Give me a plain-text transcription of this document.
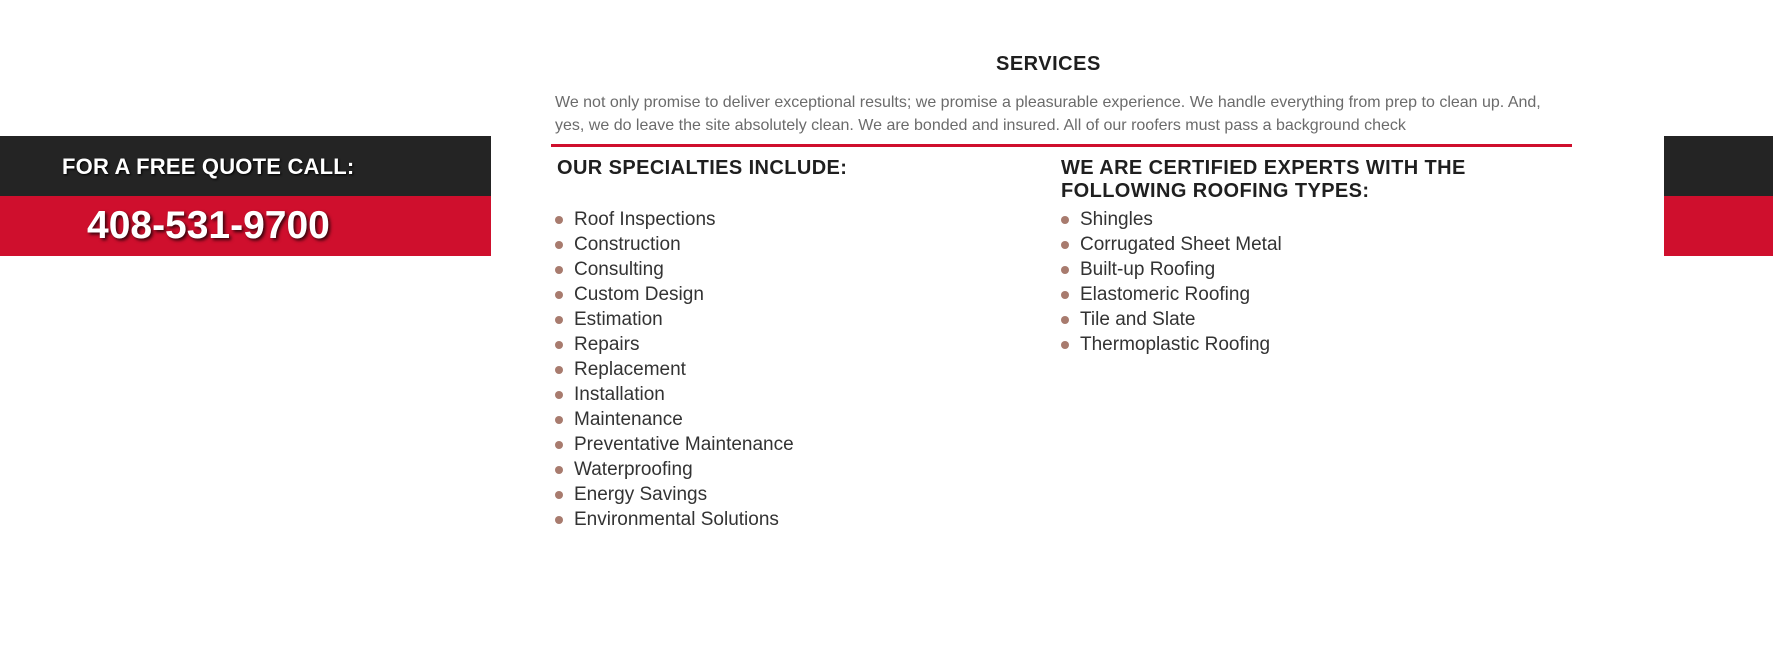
FOR A FREE QUOTE CALL:
408-531-9700
SERVICES
We not only promise to deliver exceptional results; we promise a pleasurable experience. We handle everything from prep to clean up. And, yes, we do leave the site absolutely clean. We are bonded and insured. All of our roofers must pass a background check
OUR SPECIALTIES INCLUDE:	WE ARE CERTIFIED EXPERTS WITH THE FOLLOWING ROOFING TYPES:
Roof Inspections
Construction
Consulting
Custom Design
Estimation
Repairs
Replacement
Installation
Maintenance
Preventative Maintenance
Waterproofing
Energy Savings
Environmental Solutions
Shingles
Corrugated Sheet Metal
Built-up Roofing
Elastomeric Roofing
Tile and Slate
Thermoplastic Roofing
